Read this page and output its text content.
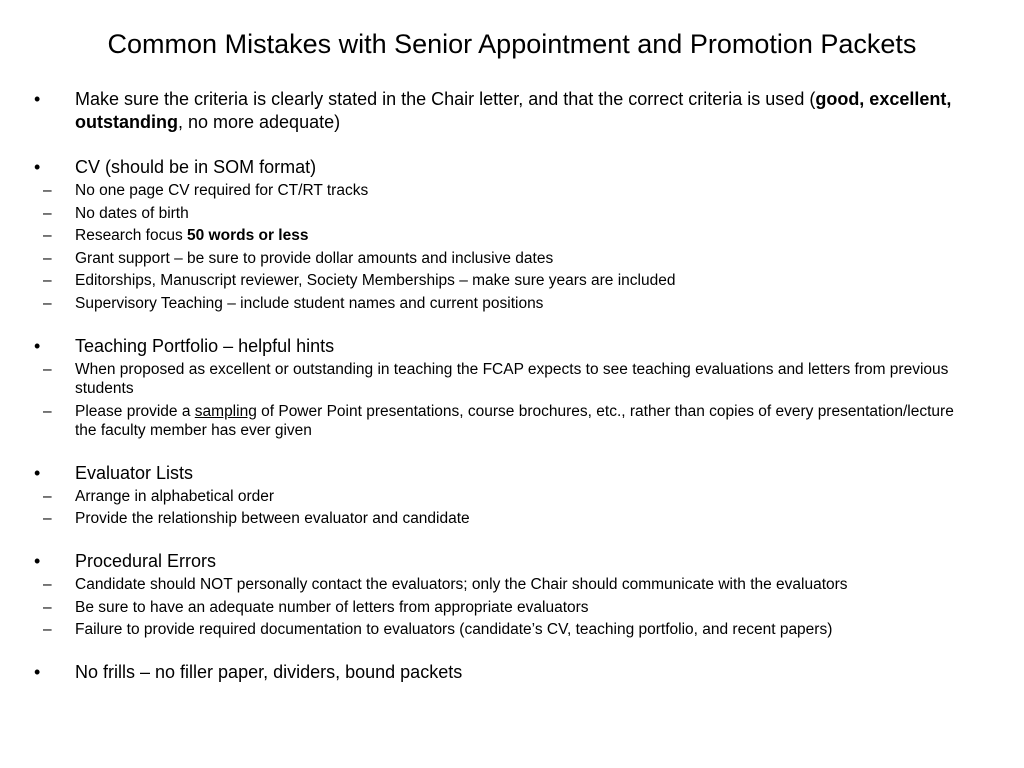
Common Mistakes with Senior Appointment and Promotion Packets
• Make sure the criteria is clearly stated in the Chair letter, and that the correct criteria is used (good, excellent, outstanding, no more adequate)
• CV (should be in SOM format)
– No one page CV required for CT/RT tracks
– No dates of birth
– Research focus 50 words or less
– Grant support – be sure to provide dollar amounts and inclusive dates
– Editorships, Manuscript reviewer, Society Memberships – make sure years are included
– Supervisory Teaching – include student names and current positions
• Teaching Portfolio – helpful hints
– When proposed as excellent or outstanding in teaching the FCAP expects to see teaching evaluations and letters from previous students
– Please provide a sampling of Power Point presentations, course brochures, etc., rather than copies of every presentation/lecture the faculty member has ever given
• Evaluator Lists
– Arrange in alphabetical order
– Provide the relationship between evaluator and candidate
• Procedural Errors
– Candidate should NOT personally contact the evaluators; only the Chair should communicate with the evaluators
– Be sure to have an adequate number of letters from appropriate evaluators
– Failure to provide required documentation to evaluators (candidate’s CV, teaching portfolio, and recent papers)
• No frills – no filler paper, dividers, bound packets
